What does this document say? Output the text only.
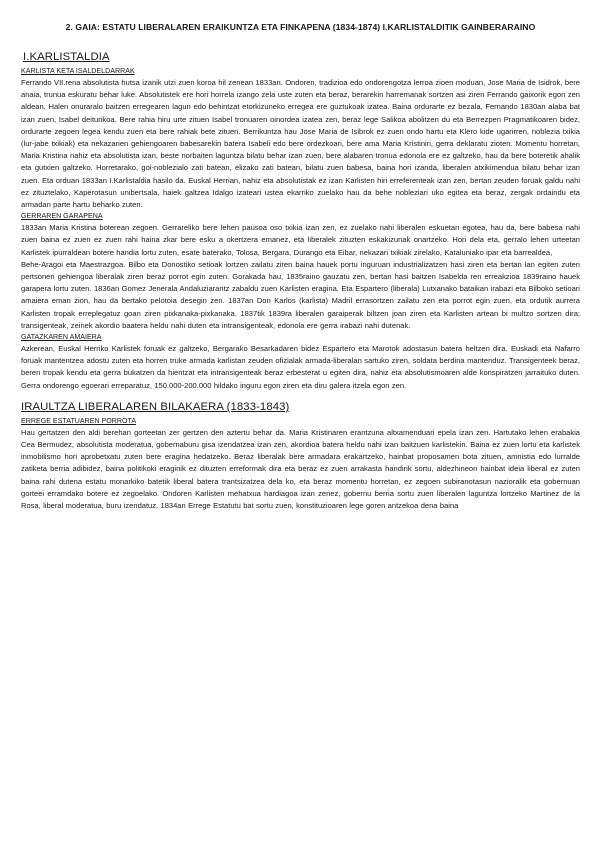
2. GAIA: ESTATU LIBERALAREN ERAIKUNTZA ETA FINKAPENA (1834-1874) I.KARLISTALDITIK GAINBERARAINO
I.KARLISTALDIA
KARLISTA KETA ISALDELDARRAK

Ferrando VII.rena absolutista hutsa izanik utzi zuen koroa hil zenean 1833an. Ondoren, tradizioa edo ondorengotza lerroa zioen moduan, Jose Maria de Isidrok, bere anaia, trunua eskuratu behar luke. Absolutistek ere hori horrela izango zela uste zuten eta beraz, berarekin harremanak sortzen asi ziren Ferrando gaixorik egon zen aldean. Halen onuraralo baitzen erregearen lagun edo behintzat etorkizuneko erregea ere guztukoak izatea. Baina ordurarte ez bezala, Fernando 1830an alaba bat izan zuen, Isabel deiturikoa. Bere rahia hiru urte zituen Isabel tronuaren oinordea izatea zen, beraz lege Salikoa abolitzen du eta Berrezpen Pragmatikoaren bidez, ordurarte zegoen legea kendu zuen eta bere rahiak bete zituen. Berrikuntza hau Jose Maria de Isibrok ez zuen ondo hartu eta Klero kide ugarirren, noblezia txikia (lur-jabe txikiak) eta nekazarien gehiengoaren babesarekin batera Isabeli edo bere ordezkoari, bere ama Maria Kristiniri, gerra deklaratu zioten. Momentu horretan, Maria Kristina nahiz eta absolutista izan, beste norbaiten laguntza bilatu behar izan zuen, bere alabaren tronua edonola ere ez galtzeko, hau da bere boteretik ahalik eta gutxien galtzeko. Horretarako, goi-noblezialo zati batean, elizako zati batean, bilatu zuen babesa, baina hori izanda, liberalen atxikimendua bilatu behar izan zuen. Eta orduan 1833an I.Karlistaldia hasilo da. Euskal Herrian, nahiz eta absolutistak ez izan Karlisten hiri erreferenteak izan zen, bertan zeuden foruak galdu nahi ez zituztelako, Kaperotasun unibertsala, haiek galtzea Idalgo izateari ustea ekarriko zuelako hau da behe nobleziari uko egitea eta beraz, zergak ordaindu eta armadan parte hartu beharko zuten.

GERRAREN GARAPENA

1833an Maria Kristina boterean zegoen. Gerrareliko bere lehen pausoa oso txikia izan zen, ez zuelako nahi liberalen eskuetan egotea, hau da, bere babesa nahi zuen baina ez zuen ez zuen rahi haina zkar bere esku a okertzera emanez, eta liberalek zituzten eskakizunak onartzeko. Hori dela eta, gerralo lehen urteetan Karlistek ipurraldean botere handia lortu zuten, esate baterako, Tolosa, Bergara, Durango eta Eibar, nekazari txikiak zirelako, Kataluniako ipar eta barrealdea,

Behe-Aragoi eta Maestrazgoa. Bilbo eta Donostiko setioak lortzen zailatu ziren baina hauek portu inguruan industrializatzen hasi ziren eta bertan lan egiten zuten pertsonen gehiengoa liberalak ziren beraz porrot egin zuten. Gorakada hau, 1835raino gauzatu zen, bertan hasi baitzen Isabelda ren erreakzioa 1839raino hauek garapera lortu zuten. 1836an Gomez Jenerala Andaluziarantz zabaldu zuen Karlisten eragina. Eta Espartero (liberala) Lutxanako bataikan irabazi eta Bilboko setioari amaiera eman zion, hau da bertako pelotoia desegin zen. 1837an Don Karlos (karlista) Madril errasortzen zailatu zen eta porrot egin zuen, eta ordutik aurrera Karlisten tropak erreplegatuz goan ziren pixkanaka-pixkanaka. 1837tik 1839ra liberalen garaiperak biltzen joan ziren eta Karlisten artean bi multzo sortzen dira; transigenteak, zeinek akordio baatera heldu nahi duten eta intransigenteak, edonola ere gerra irabazi nahi dutenak.

GATAZKAREN AMAIERA

Azkerean, Euskal Herriko Karlistek foruak ez galtzeko, Bergarako Besarkadaren bidez Espartero eta Marotok adostasun batera heltzen dira. Euskadi eta Nafarro foruak mantentzea adostu zuten eta horren truke armada karlistan zeuden ofizialak armada-liberalan sartuko ziren, soldata berdina mantenduz. Transigenteek beraz, beren tropak kendu eta gerra bukatzen da hientzat eta intransigenteak beraz erbesterat u egiten dira, nahiz eta absolutismoaren alde konspiratzen jarraituko duten. Gerra ondorengo egoerari erreparatuz, 150.000-200.000 hildako inguru egon ziren eta diru galera itzela egon zen.

IRAULTZA LIBERALAREN BILAKAERA (1833-1843)
ERREGE ESTATUAREN PORROTA

Hau gertatzen den aldi berehan gorteetan zer gertzen den aztertu behar da. Maria Kristinaren erantzuna altxamenduari epela izan zen. Hartutako lehen erabakia Cea Bermudez, absolutista moderatua, gobernaburu gisa izendatzea izan zen, akordioa batera heldu nahi izan baitzuen karlistekin. Baina ez zuen lortu eta karlistek inmobilismo hori aprobetxatu zuten bere eragina hedatzeko. Beraz liberalak bere armadara erakartzeko, hainbat proposamen bota zituen, amnistia edo lurralde zatiketa berria adibidez, baina politikoki eraginik ez dituzten erreformak dira eta beraz ez zuen arrakasta handirik sortu, aldezhineon hainbat ideia liberal ez zuten baina rahi dutena estatu monarkiko batetik liberal batera trantsizatzea dela ko, eta beraz momentu horretan, ez zegoen subiranotasun nazioralik eta gobernuan gorteei erramdako botere ez zegoelako. Ondoren Karlisten mehatxua hardiagoa izan zenez, gobernu berria sortu zuen liberalen laguntza lortzeko Martinez de la Rosa, liberal moderatua, buru izendatuz. 1834an Erregе Estatutu bat sortu zuen, konstituzioaren lege goren antzekoa dena baina
